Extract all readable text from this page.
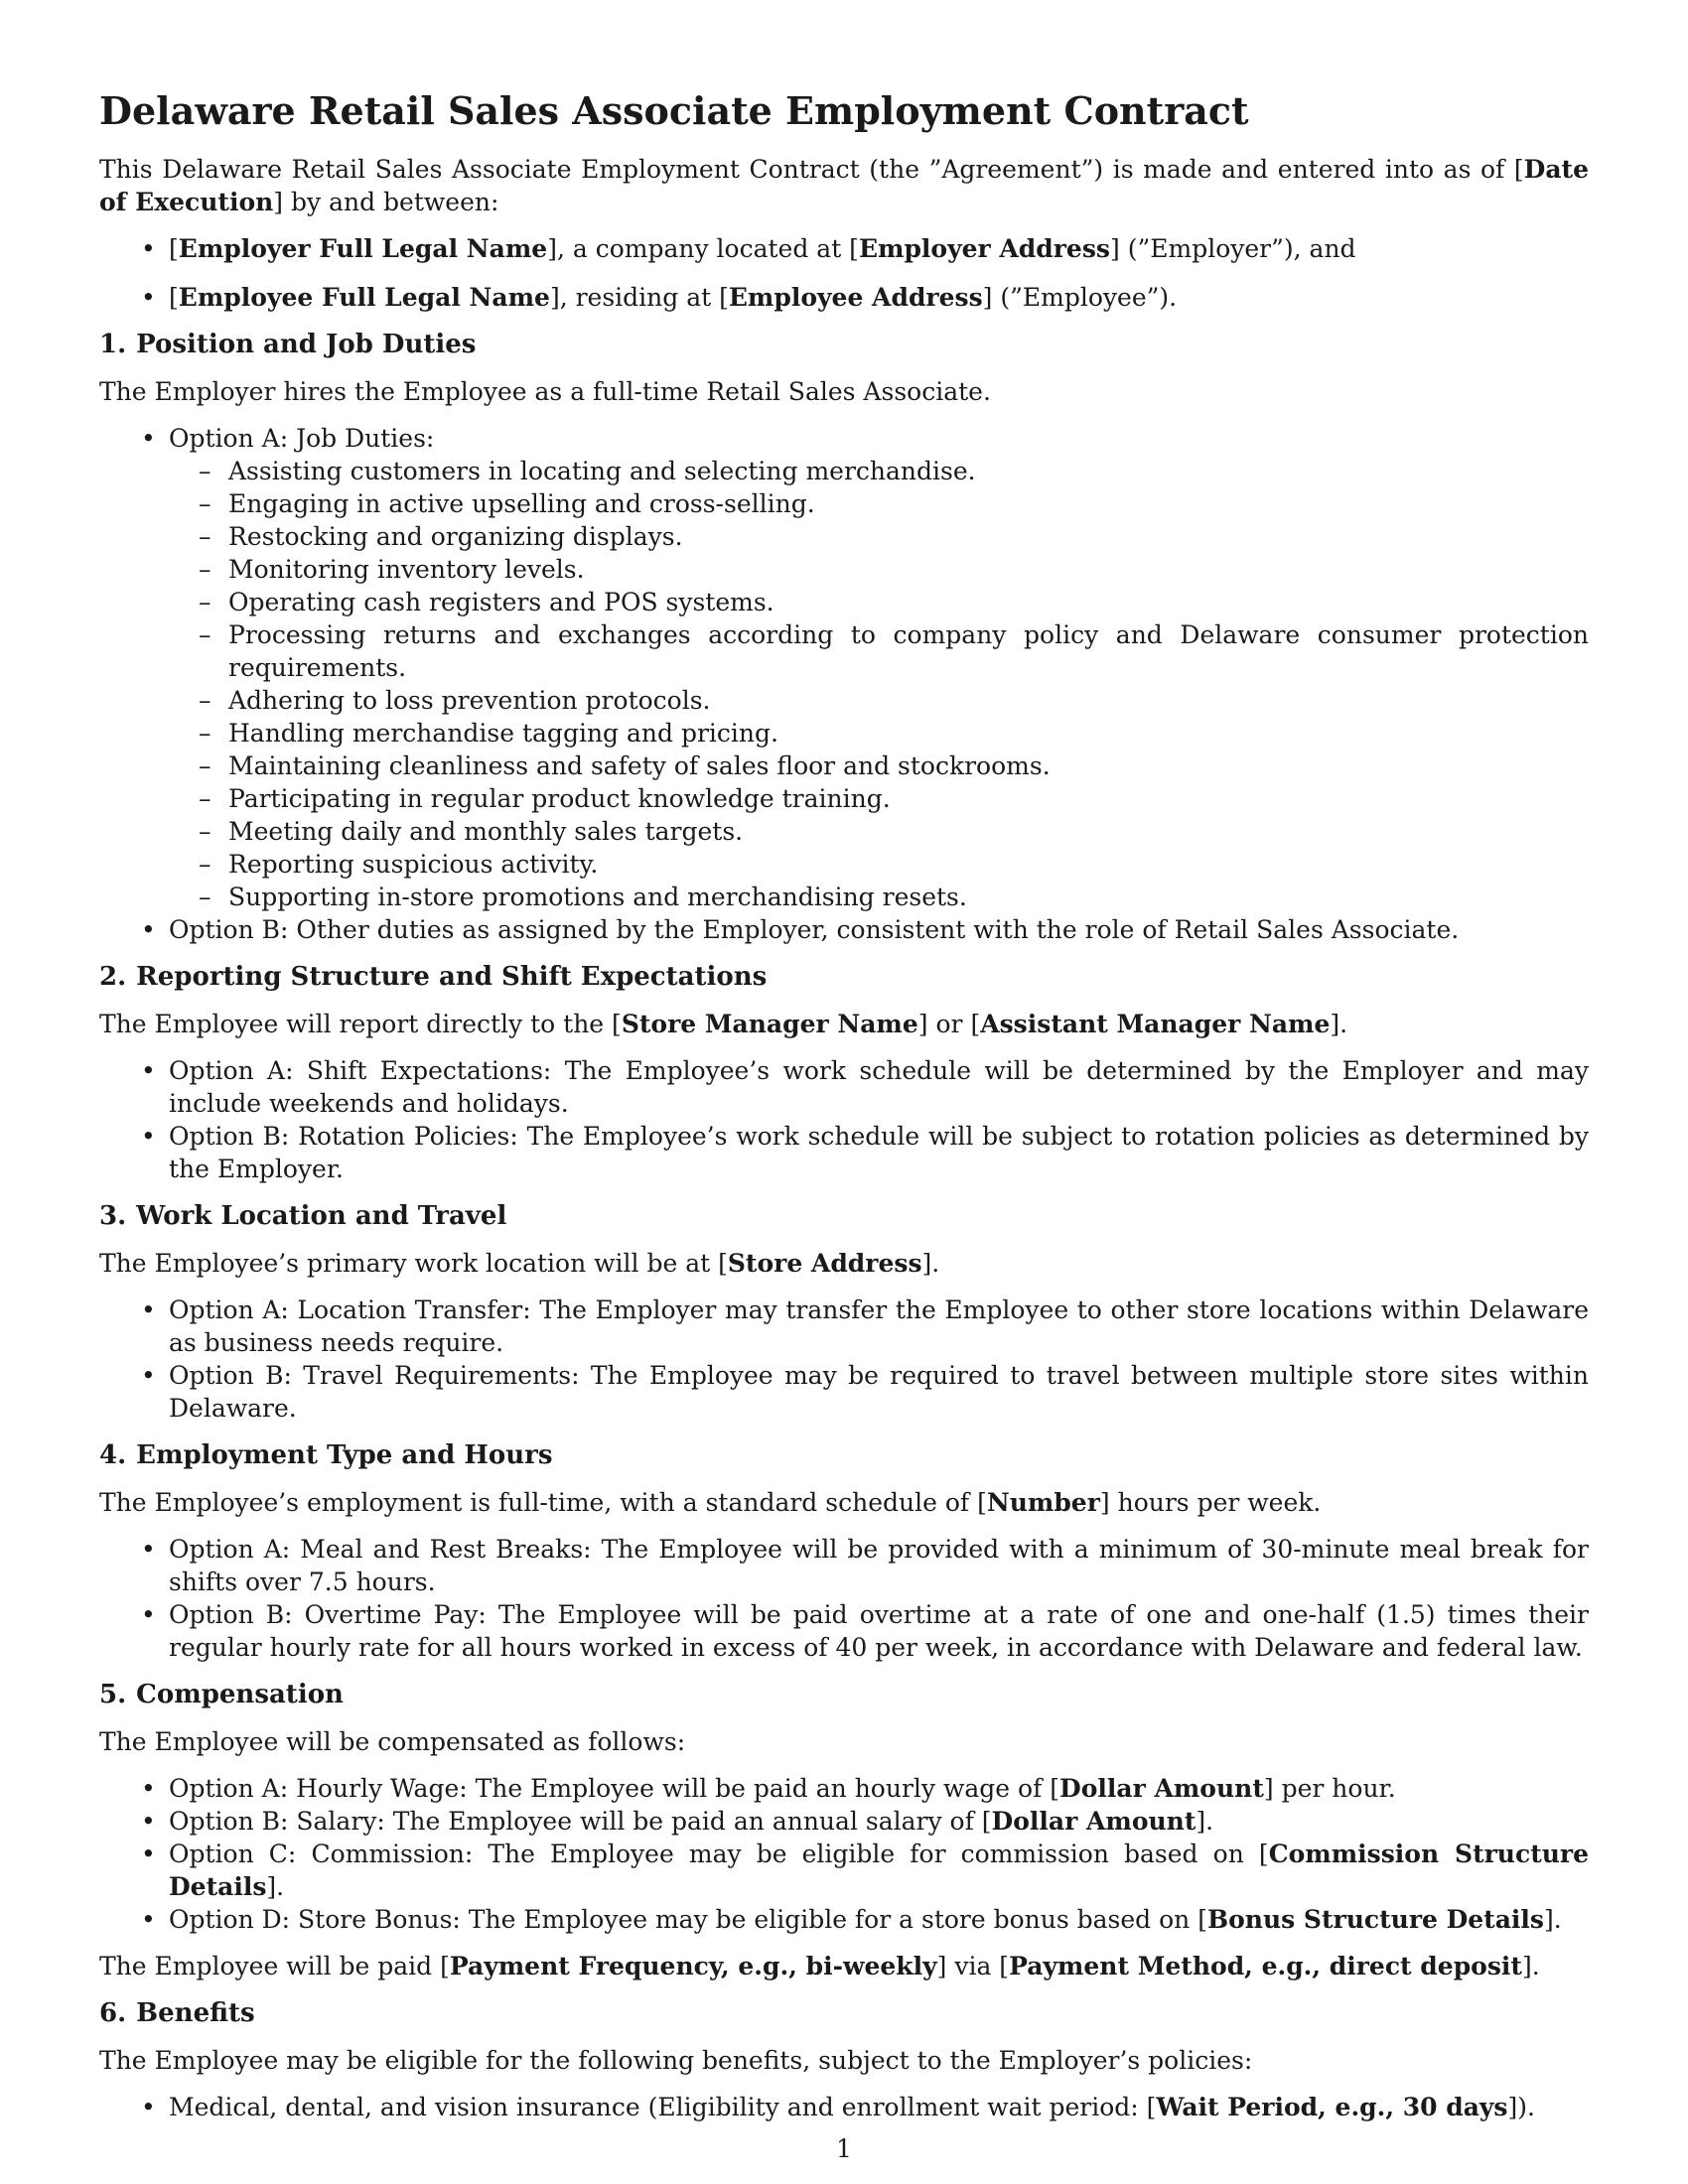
Delaware Retail Sales Associate Employment Contract

This Delaware Retail Sales Associate Employment Contract (the ”Agreement”) is made and entered into as of [Date of Execution] by and between:

• [Employer Full Legal Name], a company located at [Employer Address] (”Employer”), and
• [Employee Full Legal Name], residing at [Employee Address] (”Employee”).
1. Position and Job Duties

The Employer hires the Employee as a full-time Retail Sales Associate.

• Option A: Job Duties:
– Assisting customers in locating and selecting merchandise.
– Engaging in active upselling and cross-selling.
– Restocking and organizing displays.
– Monitoring inventory levels.
– Operating cash registers and POS systems.
– Processing returns and exchanges according to company policy and Delaware consumer protection requirements.
– Adhering to loss prevention protocols.
– Handling merchandise tagging and pricing.
– Maintaining cleanliness and safety of sales floor and stockrooms.
– Participating in regular product knowledge training.
– Meeting daily and monthly sales targets.
– Reporting suspicious activity.
– Supporting in-store promotions and merchandising resets.
• Option B: Other duties as assigned by the Employer, consistent with the role of Retail Sales Associate.
2. Reporting Structure and Shift Expectations

The Employee will report directly to the [Store Manager Name] or [Assistant Manager Name].

• Option A: Shift Expectations: The Employee’s work schedule will be determined by the Employer and may include weekends and holidays.
• Option B: Rotation Policies: The Employee’s work schedule will be subject to rotation policies as determined by the Employer.
3. Work Location and Travel

The Employee’s primary work location will be at [Store Address].

• Option A: Location Transfer: The Employer may transfer the Employee to other store locations within Delaware as business needs require.
• Option B: Travel Requirements: The Employee may be required to travel between multiple store sites within Delaware.
4. Employment Type and Hours

The Employee’s employment is full-time, with a standard schedule of [Number] hours per week.

• Option A: Meal and Rest Breaks: The Employee will be provided with a minimum of 30-minute meal break for shifts over 7.5 hours.
• Option B: Overtime Pay: The Employee will be paid overtime at a rate of one and one-half (1.5) times their regular hourly rate for all hours worked in excess of 40 per week, in accordance with Delaware and federal law.
5. Compensation

The Employee will be compensated as follows:

• Option A: Hourly Wage: The Employee will be paid an hourly wage of [Dollar Amount] per hour.
• Option B: Salary: The Employee will be paid an annual salary of [Dollar Amount].
• Option C: Commission: The Employee may be eligible for commission based on [Commission Structure Details].
• Option D: Store Bonus: The Employee may be eligible for a store bonus based on [Bonus Structure Details].

The Employee will be paid [Payment Frequency, e.g., bi-weekly] via [Payment Method, e.g., direct deposit].

6. Benefits

The Employee may be eligible for the following benefits, subject to the Employer’s policies:

• Medical, dental, and vision insurance (Eligibility and enrollment wait period: [Wait Period, e.g., 30 days]).
1
